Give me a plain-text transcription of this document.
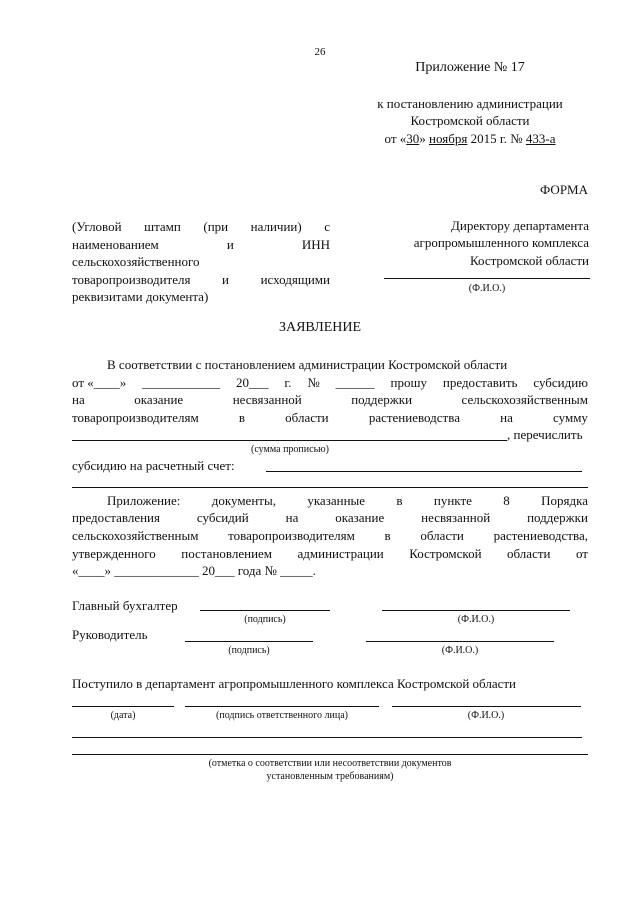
26
Приложение № 17
к постановлению администрации
Костромской области
от «30» ноября 2015 г. № 433-а
ФОРМА
(Угловой штамп (при наличии) с
наименованием	и	ИНН
сельскохозяйственного
товаропроизводителя и исходящими
реквизитами документа)
Директору департамента
агропромышленного комплекса
Костромской области
(Ф.И.О.)
ЗАЯВЛЕНИЕ
В соответствии с постановлением администрации Костромской области
от «____» ____________ 20___ г. № ______ прошу предоставить субсидию
на	оказание	несвязанной	поддержки	сельскохозяйственным
товаропроизводителям	в	области	растениеводства	на	сумму
, перечислить
(сумма прописью)
субсидию на расчетный счет:
Приложение: документы, указанные в пункте 8 Порядка
предоставления	субсидий	на	оказание	несвязанной	поддержки
сельскохозяйственным товаропроизводителям в области растениеводства,
утвержденного постановлением администрации Костромской области от
«____» _____________ 20___ года № _____.
Главный бухгалтер
(подпись)	(Ф.И.О.)
Руководитель
(подпись)	(Ф.И.О.)
Поступило в департамент агропромышленного комплекса Костромской области
(дата)	(подпись ответственного лица)	(Ф.И.О.)
(отметка о соответствии или несоответствии документов
установленным требованиям)
